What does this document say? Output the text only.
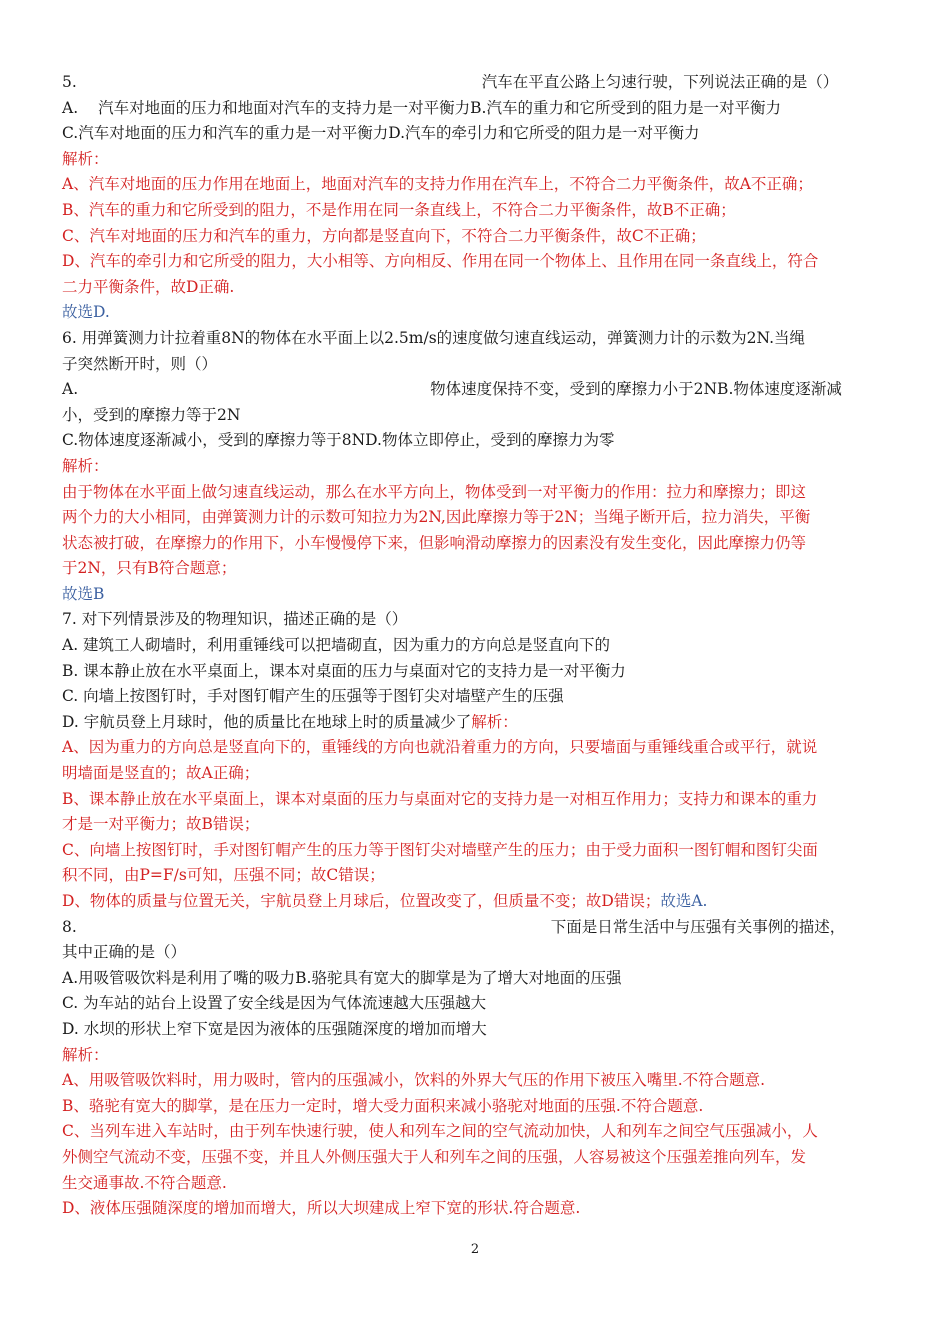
5.	汽车在平直公路上匀速行驶，下列说法正确的是（）
A. 汽车对地面的压力和地面对汽车的支持力是一对平衡力B.汽车的重力和它所受到的阻力是一对平衡力
C.汽车对地面的压力和汽车的重力是一对平衡力D.汽车的牵引力和它所受的阻力是一对平衡力
解析：
A、汽车对地面的压力作用在地面上，地面对汽车的支持力作用在汽车上，不符合二力平衡条件，故A不正确；
B、汽车的重力和它所受到的阻力，不是作用在同一条直线上，不符合二力平衡条件，故B不正确；
C、汽车对地面的压力和汽车的重力，方向都是竖直向下，不符合二力平衡条件，故C不正确；
D、汽车的牵引力和它所受的阻力，大小相等、方向相反、作用在同一个物体上、且作用在同一条直线上，符合
二力平衡条件，故D正确.
故选D.
6. 用弹簧测力计拉着重8N的物体在水平面上以2.5m/s的速度做匀速直线运动，弹簧测力计的示数为2N.当绳
子突然断开时，则（）
A.	物体速度保持不变，受到的摩擦力小于2NB.物体速度逐渐减
小，受到的摩擦力等于2N
C.物体速度逐渐减小，受到的摩擦力等于8ND.物体立即停止，受到的摩擦力为零
解析：
由于物体在水平面上做匀速直线运动，那么在水平方向上，物体受到一对平衡力的作用：拉力和摩擦力；即这
两个力的大小相同，由弹簧测力计的示数可知拉力为2N,因此摩擦力等于2N；当绳子断开后，拉力消失，平衡
状态被打破，在摩擦力的作用下，小车慢慢停下来，但影响滑动摩擦力的因素没有发生变化，因此摩擦力仍等
于2N，只有B符合题意；
故选B
7. 对下列情景涉及的物理知识，描述正确的是（）
A. 建筑工人砌墙时，利用重锤线可以把墙砌直，因为重力的方向总是竖直向下的
B. 课本静止放在水平桌面上，课本对桌面的压力与桌面对它的支持力是一对平衡力
C. 向墙上按图钉时，手对图钉帽产生的压强等于图钉尖对墙壁产生的压强
D. 宇航员登上月球时，他的质量比在地球上时的质量减少了解析：
A、因为重力的方向总是竖直向下的，重锤线的方向也就沿着重力的方向，只要墙面与重锤线重合或平行，就说
明墙面是竖直的；故A正确；
B、课本静止放在水平桌面上，课本对桌面的压力与桌面对它的支持力是一对相互作用力；支持力和课本的重力
才是一对平衡力；故B错误；
C、向墙上按图钉时，手对图钉帽产生的压力等于图钉尖对墙壁产生的压力；由于受力面积一图钉帽和图钉尖面
积不同，由P=F/s可知，压强不同；故C错误；
D、物体的质量与位置无关，宇航员登上月球后，位置改变了，但质量不变；故D错误；故选A.
8.	下面是日常生活中与压强有关事例的描述，
其中正确的是（）
A.用吸管吸饮料是利用了嘴的吸力B.骆驼具有宽大的脚掌是为了增大对地面的压强
C. 为车站的站台上设置了安全线是因为气体流速越大压强越大
D. 水坝的形状上窄下宽是因为液体的压强随深度的增加而增大
解析：
A、用吸管吸饮料时，用力吸时，管内的压强减小，饮料的外界大气压的作用下被压入嘴里.不符合题意.
B、骆驼有宽大的脚掌，是在压力一定时，增大受力面积来减小骆驼对地面的压强.不符合题意.
C、当列车进入车站时，由于列车快速行驶，使人和列车之间的空气流动加快，人和列车之间空气压强减小，人
外侧空气流动不变，压强不变，并且人外侧压强大于人和列车之间的压强，人容易被这个压强差推向列车，发
生交通事故.不符合题意.
D、液体压强随深度的增加而增大，所以大坝建成上窄下宽的形状.符合题意.
2
